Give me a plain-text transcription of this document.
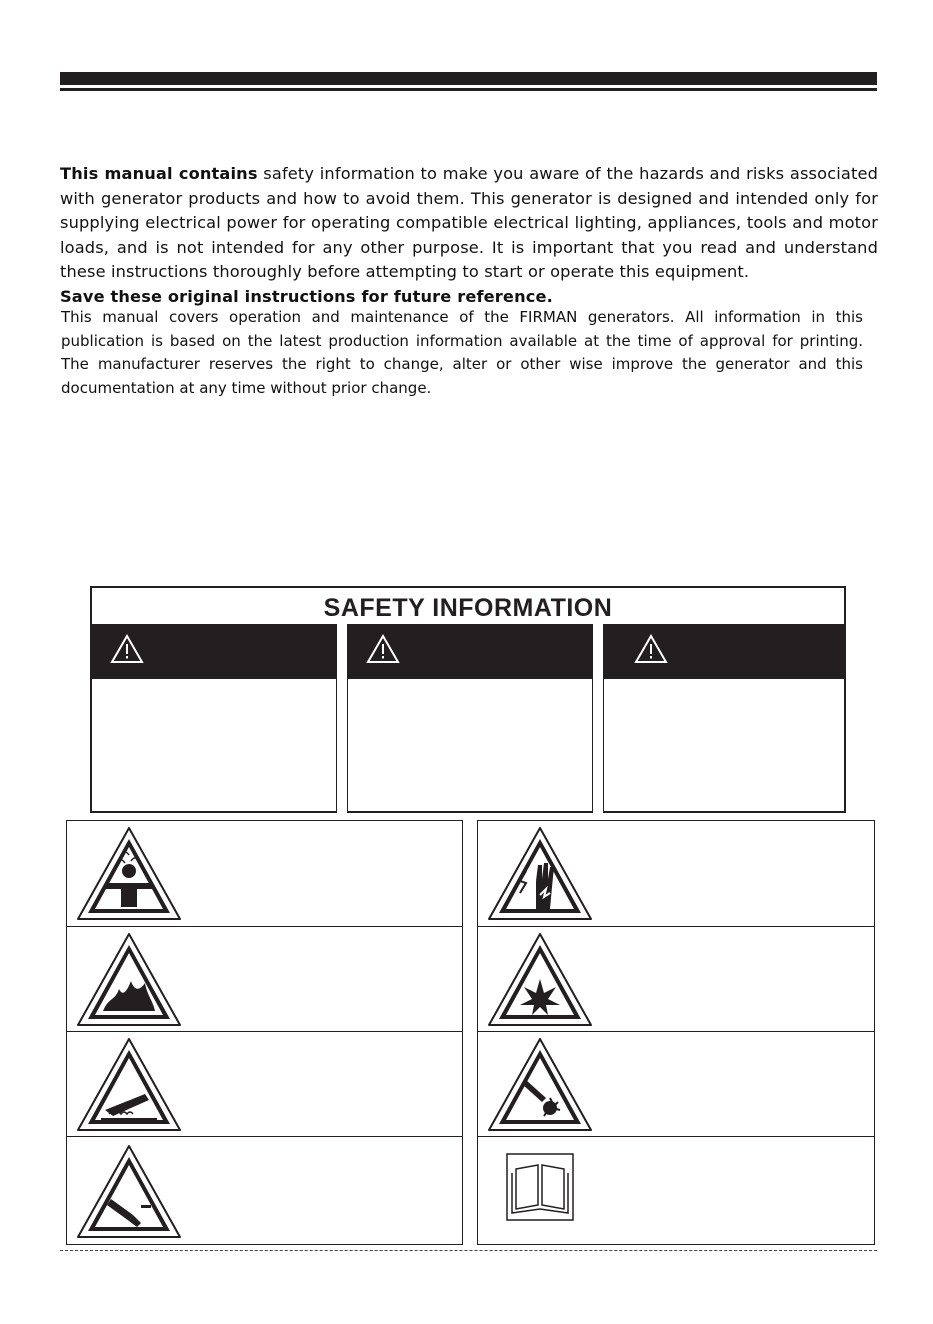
This manual contains safety information to make you aware of the hazards and risks associated with generator products and how to avoid them. This generator is designed and intended only for supplying electrical power for operating compatible electrical lighting, appliances, tools and motor loads, and is not intended for any other purpose. It is important that you read and understand these instructions thoroughly before attempting to start or operate this equipment.
Save these original instructions for future reference.
This manual covers operation and maintenance of the FIRMAN generators. All information in this publication is based on the latest production information available at the time of approval for printing. The manufacturer reserves the right to change, alter or other wise improve the generator and this documentation at any time without prior change.
SAFETY INFORMATION
